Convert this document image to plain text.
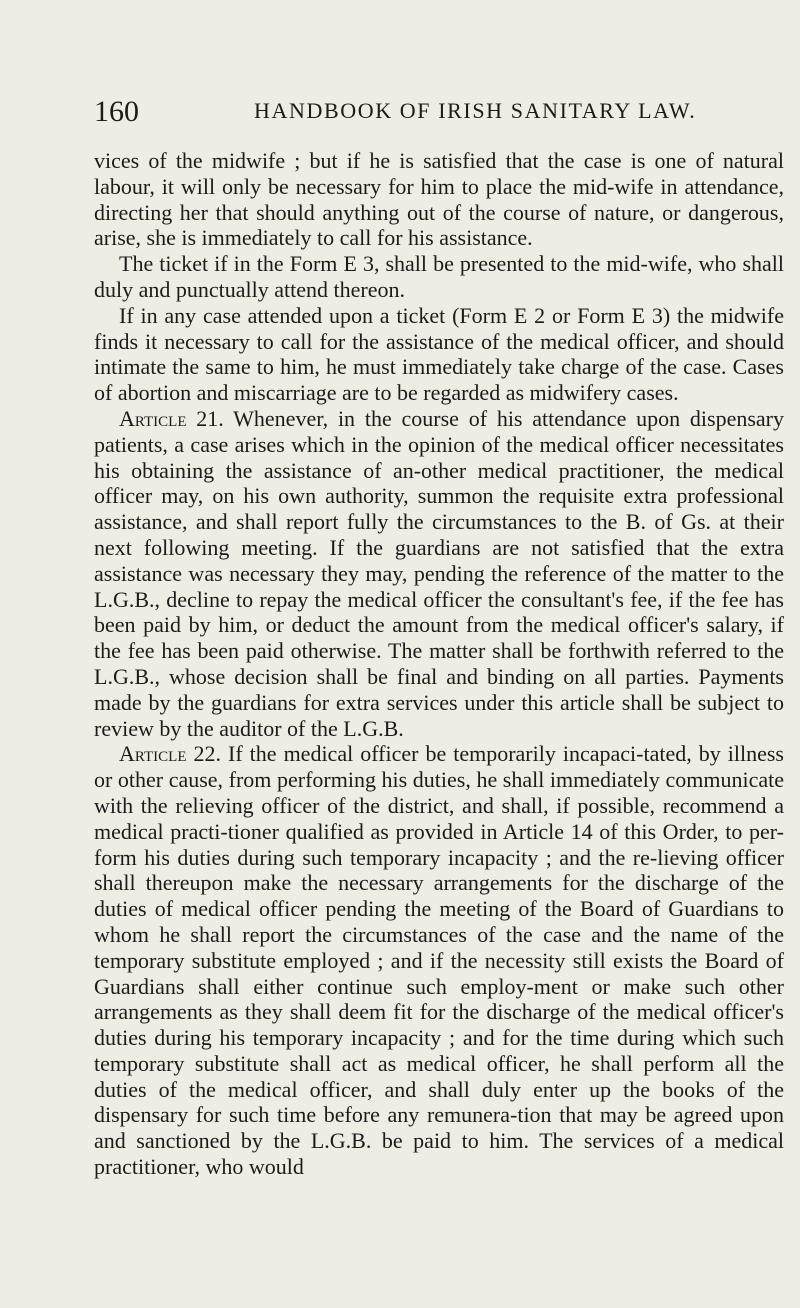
160	HANDBOOK OF IRISH SANITARY LAW.

vices of the midwife ; but if he is satisfied that the case is one of natural labour, it will only be necessary for him to place the mid-wife in attendance, directing her that should anything out of the course of nature, or dangerous, arise, she is immediately to call for his assistance.

The ticket if in the Form E 3, shall be presented to the mid-wife, who shall duly and punctually attend thereon.

If in any case attended upon a ticket (Form E 2 or Form E 3) the midwife finds it necessary to call for the assistance of the medical officer, and should intimate the same to him, he must immediately take charge of the case. Cases of abortion and miscarriage are to be regarded as midwifery cases.

Article 21. Whenever, in the course of his attendance upon dispensary patients, a case arises which in the opinion of the medical officer necessitates his obtaining the assistance of an-other medical practitioner, the medical officer may, on his own authority, summon the requisite extra professional assistance, and shall report fully the circumstances to the B. of Gs. at their next following meeting. If the guardians are not satisfied that the extra assistance was necessary they may, pending the reference of the matter to the L.G.B., decline to repay the medical officer the consultant's fee, if the fee has been paid by him, or deduct the amount from the medical officer's salary, if the fee has been paid otherwise. The matter shall be forthwith referred to the L.G.B., whose decision shall be final and binding on all parties. Payments made by the guardians for extra services under this article shall be subject to review by the auditor of the L.G.B.

Article 22. If the medical officer be temporarily incapaci-tated, by illness or other cause, from performing his duties, he shall immediately communicate with the relieving officer of the district, and shall, if possible, recommend a medical practi-tioner qualified as provided in Article 14 of this Order, to per-form his duties during such temporary incapacity ; and the re-lieving officer shall thereupon make the necessary arrangements for the discharge of the duties of medical officer pending the meeting of the Board of Guardians to whom he shall report the circumstances of the case and the name of the temporary substitute employed ; and if the necessity still exists the Board of Guardians shall either continue such employ-ment or make such other arrangements as they shall deem fit for the discharge of the medical officer's duties during his temporary incapacity ; and for the time during which such temporary substitute shall act as medical officer, he shall perform all the duties of the medical officer, and shall duly enter up the books of the dispensary for such time before any remunera-tion that may be agreed upon and sanctioned by the L.G.B. be paid to him. The services of a medical practitioner, who would
